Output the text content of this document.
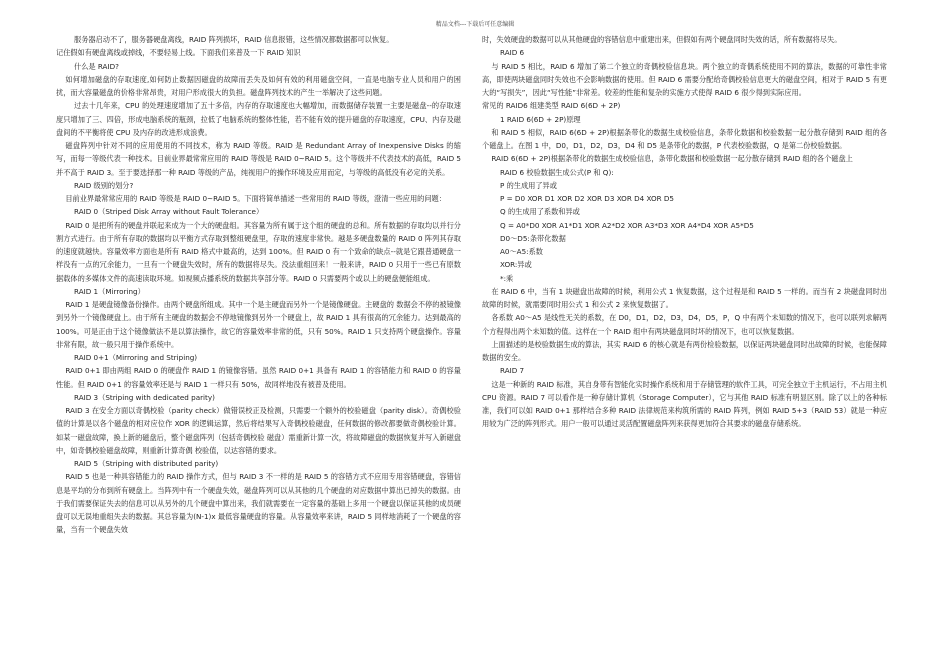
精品文档---下载后可任意编辑

服务器启动不了，服务器硬盘离线，RAID 阵列损坏，RAID 信息报错，这些情况都数据都可以恢复。

记住假如有硬盘离线或掉线，不要轻易上线。下面我们来普及一下 RAID 知识

什么是 RAID?

如何增加磁盘的存取速度,如何防止数据因磁盘的故障而丢失及如何有效的利用磁盘空间，一直是电脑专业人员和用户的困扰，而大容量磁盘的价格非常昂贵，对用户形成很大的负担。磁盘阵列技术的产生一举解决了这些问题。

过去十几年来，CPU 的处理速度增加了五十多倍，内存的存取速度也大幅增加，而数据储存装置一主要是磁盘--的存取速度只增加了三、四倍，形成电脑系统的瓶颈，拉低了电脑系统的整体性能，若不能有效的提升磁盘的存取速度，CPU、内存及磁盘间的不平衡将使 CPU 及内存的改进形成浪费。

磁盘阵列中针对不同的应用使用的不同技术，称为 RAID 等级。RAID 是 Redundant Array of Inexpensive Disks 的缩写，而每一等级代表一种技术。目前业界最常常应用的 RAID 等级是 RAID 0~RAID 5。这个等级并不代表技术的高低，RAID 5 并不高于 RAID 3。至于要选择那一种 RAID 等级的产品，纯视用户的操作环境及应用而定，与等级的高低没有必定的关系。

RAID 级别的划分?

目前业界最常常应用的 RAID 等级是 RAID 0~RAID 5。下面将简单描述一些常用的 RAID 等级，澄清一些应用的问题：

RAID 0（Striped Disk Array without Fault Tolerance）

RAID 0 是把所有的硬盘并联起来成为一个大的硬盘组。其容量为所有属于这个组的硬盘的总和。所有数据的存取均以并行分割方式进行。由于所有存取的数据均以平衡方式存取到整组硬盘里，存取的速度非常快。越是多硬盘数量的 RAID 0 阵列其存取的速度就越快。容量效率方面也是所有 RAID 格式中最高的，达到 100%。但 RAID 0 有一个致命的缺点--就是它跟普通硬盘一样没有一点的冗余能力，一旦有一个硬盘失效时，所有的数据将尽失。没法重组回来！一般来讲，RAID 0 只用于一些已有原数据载体的多媒体文件的高速读取环境。如视频点播系统的数据共享部分等。RAID 0 只需要两个或以上的硬盘便能组成。

RAID 1（Mirroring）

RAID 1 是硬盘镜像备份操作。由两个硬盘所组成。其中一个是主硬盘而另外一个是镜像硬盘。主硬盘的 数据会不停的被镜像到另外一个镜像硬盘上。由于所有主硬盘的数据会不停地镜像到另外一个硬盘上，故 RAID 1 具有很高的冗余能力。达到最高的 100%。可是正由于这个镜像做法不是以算法操作，故它的容量效率非常的低，只有 50%。RAID 1 只支持两个硬盘操作。容量非常有限，故一般只用于操作系统中。

RAID 0+1（Mirroring and Striping)

RAID 0+1 即由两组 RAID 0 的硬盘作 RAID 1 的镜像容错。虽然 RAID 0+1 具备有 RAID 1 的容错能力和 RAID 0 的容量性能。但 RAID 0+1 的容量效率还是与 RAID 1 一样只有 50%，故同样地没有被普及使用。

RAID 3（Striping with dedicated parity)

RAID 3 在安全方面以奇偶校验（parity check）做错误校正及检测，只需要一个额外的校验磁盘（parity disk）。奇偶校验值的计算是以各个磁盘的相对应位作 XOR 的逻辑运算，然后将结果写入奇偶校验磁盘，任何数据的修改都要做奇偶校验计算。如某一磁盘故障，换上新的磁盘后，整个磁盘阵列（包括奇偶校验 磁盘）需重新计算一次，将故障磁盘的数据恢复并写入新磁盘中，如奇偶校验磁盘故障，则重新计算奇偶 校验值，以达容错的要求。

RAID 5（Striping with distributed parity)

RAID 5 也是一种具容错能力的 RAID 操作方式，但与 RAID 3 不一样的是 RAID 5 的容错方式不应用专用容错硬盘，容错信息是平均的分布到所有硬盘上。当阵列中有一个硬盘失效，磁盘阵列可以从其他的几个硬盘的对应数据中算出已掉失的数据。由于我们需要保证失去的信息可以从另外的几个硬盘中算出来，我们就需要在一定容量的基础上多用一个硬盘以保证其他的成员硬盘可以无误地重组失去的数据。其总容量为(N-1)x 最低容量硬盘的容量。从容量效率来讲，RAID 5 同样地消耗了一个硬盘的容量，当有一个硬盘失效

时，失效硬盘的数据可以从其他硬盘的容错信息中重建出来，但假如有两个硬盘同时失效的话，所有数据将尽失。

RAID 6

与 RAID 5 相比，RAID 6 增加了第二个独立的奇偶校验信息块。两个独立的奇偶系统使用不同的算法，数据的可靠性非常高，即使两块磁盘同时失效也不会影响数据的使用。但 RAID 6 需要分配给奇偶校验信息更大的磁盘空间，相对于 RAID 5 有更大的“写损失”，因此“写性能”非常差。较差的性能和复杂的实施方式使得 RAID 6 很少得到实际应用。

常见的 RAID6 组建类型 RAID 6(6D + 2P)

1 RAID 6(6D + 2P)原理

和 RAID 5 相似，RAID 6(6D + 2P)根据条带化的数据生成校验信息，条带化数据和校验数据一起分散存储到 RAID 组的各个磁盘上。在图 1 中，D0，D1，D2，D3，D4 和 D5 是条带化的数据，P 代表校验数据，Q 是第二份校验数据。

RAID 6(6D + 2P)根据条带化的数据生成校验信息，条带化数据和校验数据一起分散存储到 RAID 组的各个磁盘上

RAID 6 校验数据生成公式(P 和 Q):

P 的生成用了异或

P = D0 XOR D1 XOR D2 XOR D3 XOR D4 XOR D5

Q 的生成用了系数和异或

Q = A0*D0 XOR A1*D1 XOR A2*D2 XOR A3*D3 XOR A4*D4 XOR A5*D5

D0～D5:条带化数据

A0～A5:系数

XOR:异或

*:乘

在 RAID 6 中，当有 1 块磁盘出故障的时候，利用公式 1 恢复数据，这个过程是和 RAID 5 一样的。而当有 2 块磁盘同时出故障的时候，就需要同时用公式 1 和公式 2 来恢复数据了。

各系数 A0～A5 是线性无关的系数，在 D0，D1，D2，D3，D4，D5，P，Q 中有两个未知数的情况下，也可以联列求解两个方程得出两个未知数的值。这样在一个 RAID 组中有两块磁盘同时坏的情况下，也可以恢复数据。

上面描述的是校验数据生成的算法，其实 RAID 6 的核心就是有两份检验数据，以保证两块磁盘同时出故障的时候，也能保障数据的安全。

RAID 7

这是一种新的 RAID 标准，其自身带有智能化实时操作系统和用于存储管理的软件工具，可完全独立于主机运行，不占用主机 CPU 资源。RAID 7 可以看作是一种存储计算机（Storage Computer），它与其他 RAID 标准有明显区别。除了以上的各种标准，我们可以如 RAID 0+1 那样结合多种 RAID 法律规范来构筑所需的 RAID 阵列，例如 RAID 5+3（RAID 53）就是一种应用较为广泛的阵列形式。用户一般可以通过灵活配置磁盘阵列来获得更加符合其要求的磁盘存储系统。
